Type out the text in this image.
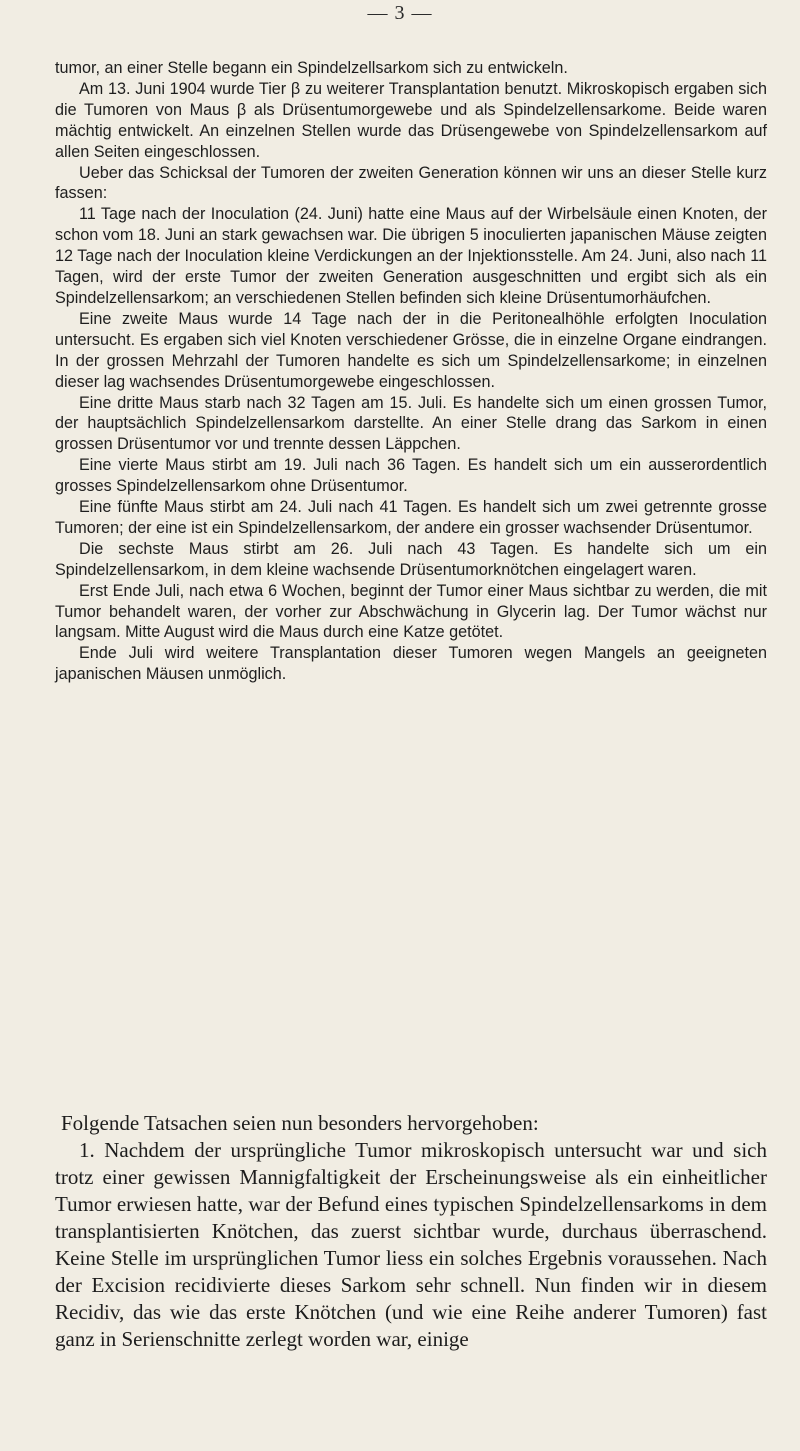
— 3 —

tumor, an einer Stelle begann ein Spindelzellsarkom sich zu entwickeln.

Am 13. Juni 1904 wurde Tier β zu weiterer Transplantation benutzt. Mikroskopisch ergaben sich die Tumoren von Maus β als Drüsentumorgewebe und als Spindelzellensarkome. Beide waren mächtig entwickelt. An einzelnen Stellen wurde das Drüsengewebe von Spindelzellensarkom auf allen Seiten eingeschlossen.

Ueber das Schicksal der Tumoren der zweiten Generation können wir uns an dieser Stelle kurz fassen:

11 Tage nach der Inoculation (24. Juni) hatte eine Maus auf der Wirbelsäule einen Knoten, der schon vom 18. Juni an stark gewachsen war. Die übrigen 5 inoculierten japanischen Mäuse zeigten 12 Tage nach der Inoculation kleine Verdickungen an der Injektionsstelle. Am 24. Juni, also nach 11 Tagen, wird der erste Tumor der zweiten Generation ausgeschnitten und ergibt sich als ein Spindelzellensarkom; an verschiedenen Stellen befinden sich kleine Drüsentumorhäufchen.

Eine zweite Maus wurde 14 Tage nach der in die Peritonealhöhle erfolgten Inoculation untersucht. Es ergaben sich viel Knoten verschiedener Grösse, die in einzelne Organe eindrangen. In der grossen Mehrzahl der Tumoren handelte es sich um Spindelzellensarkome; in einzelnen dieser lag wachsendes Drüsentumorgewebe eingeschlossen.

Eine dritte Maus starb nach 32 Tagen am 15. Juli. Es handelte sich um einen grossen Tumor, der hauptsächlich Spindelzellensarkom darstellte. An einer Stelle drang das Sarkom in einen grossen Drüsentumor vor und trennte dessen Läppchen.

Eine vierte Maus stirbt am 19. Juli nach 36 Tagen. Es handelt sich um ein ausserordentlich grosses Spindelzellensarkom ohne Drüsentumor.

Eine fünfte Maus stirbt am 24. Juli nach 41 Tagen. Es handelt sich um zwei getrennte grosse Tumoren; der eine ist ein Spindelzellensarkom, der andere ein grosser wachsender Drüsentumor.

Die sechste Maus stirbt am 26. Juli nach 43 Tagen. Es handelte sich um ein Spindelzellensarkom, in dem kleine wachsende Drüsentumorknötchen eingelagert waren.

Erst Ende Juli, nach etwa 6 Wochen, beginnt der Tumor einer Maus sichtbar zu werden, die mit Tumor behandelt waren, der vorher zur Abschwächung in Glycerin lag. Der Tumor wächst nur langsam. Mitte August wird die Maus durch eine Katze getötet.

Ende Juli wird weitere Transplantation dieser Tumoren wegen Mangels an geeigneten japanischen Mäusen unmöglich.

Folgende Tatsachen seien nun besonders hervorgehoben:

1. Nachdem der ursprüngliche Tumor mikroskopisch untersucht war und sich trotz einer gewissen Mannigfaltigkeit der Erscheinungsweise als ein einheitlicher Tumor erwiesen hatte, war der Befund eines typischen Spindelzellensarkoms in dem transplantisierten Knötchen, das zuerst sichtbar wurde, durchaus überraschend. Keine Stelle im ursprünglichen Tumor liess ein solches Ergebnis voraussehen. Nach der Excision recidivierte dieses Sarkom sehr schnell. Nun finden wir in diesem Recidiv, das wie das erste Knötchen (und wie eine Reihe anderer Tumoren) fast ganz in Serienschnitte zerlegt worden war, einige
